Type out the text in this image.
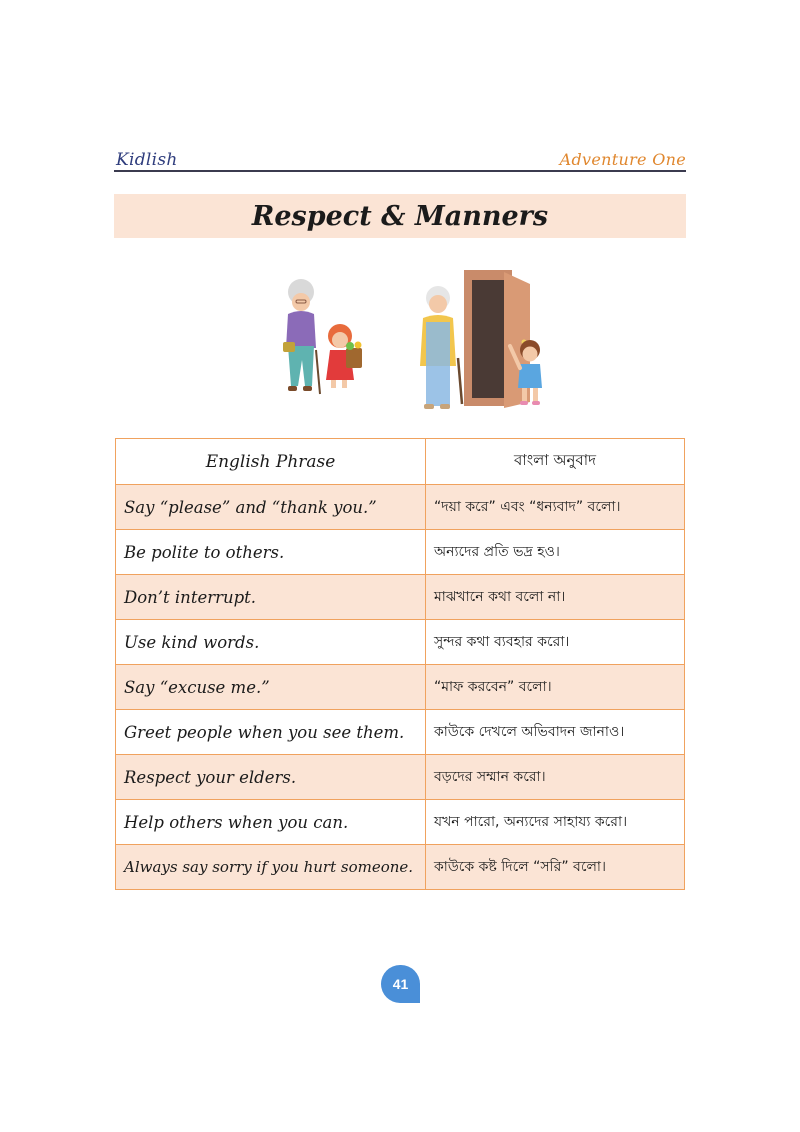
Kidlish	Adventure One
Respect & Manners
English Phrase	বাংলা অনুবাদ
Say “please” and “thank you.”	“দয়া করে” এবং “ধন্যবাদ” বলো।
Be polite to others.	অন্যদের প্রতি ভদ্র হও।
Don’t interrupt.	মাঝখানে কথা বলো না।
Use kind words.	সুন্দর কথা ব্যবহার করো।
Say “excuse me.”	“মাফ করবেন” বলো।
Greet people when you see them.	কাউকে দেখলে অভিবাদন জানাও।
Respect your elders.	বড়দের সম্মান করো।
Help others when you can.	যখন পারো, অন্যদের সাহায্য করো।
Always say sorry if you hurt someone.	কাউকে কষ্ট দিলে “সরি” বলো।
41
